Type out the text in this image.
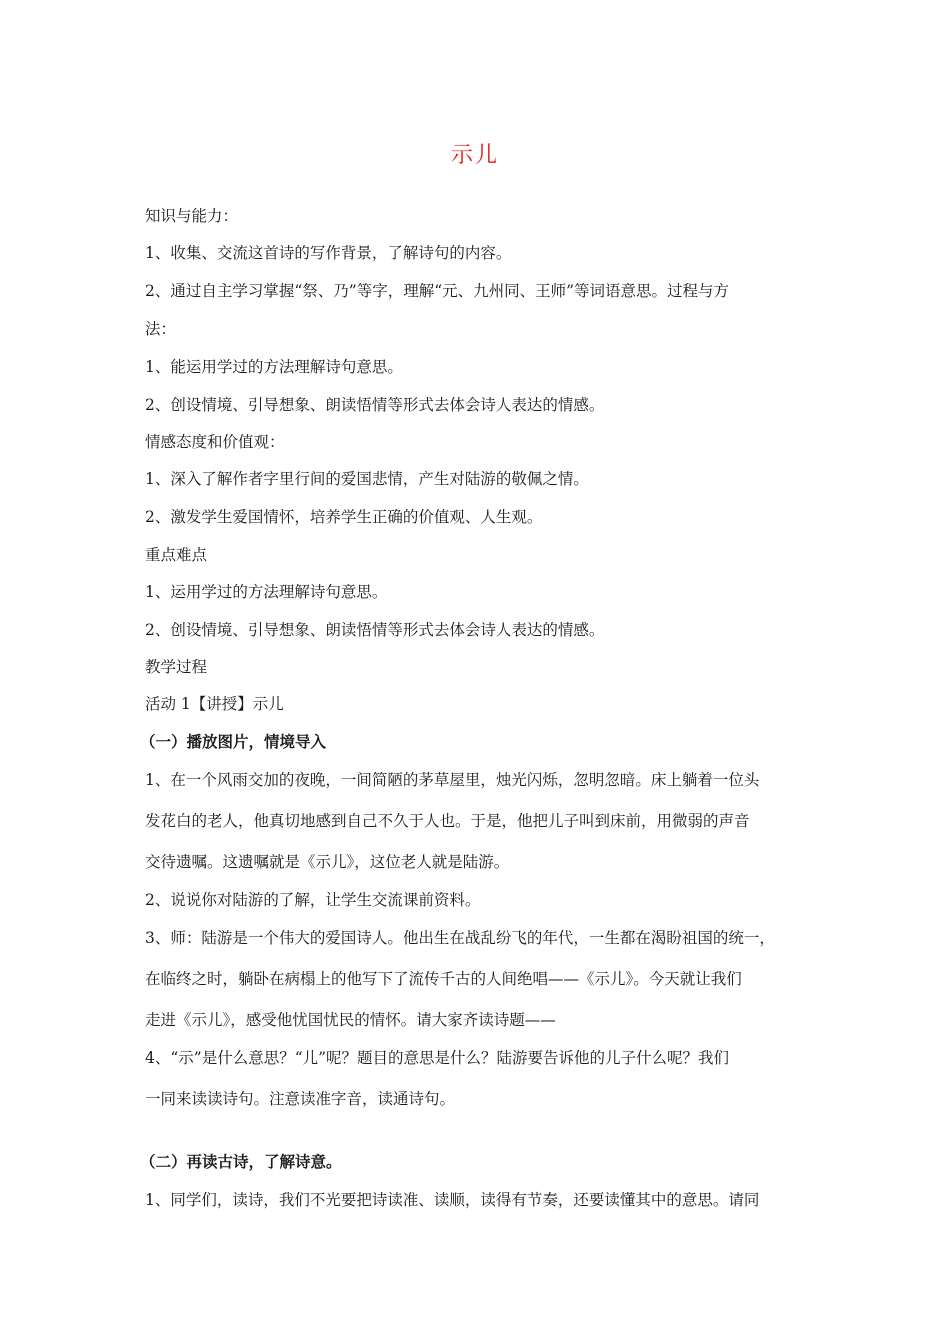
示儿
知识与能力：
1、收集、交流这首诗的写作背景，了解诗句的内容。
2、通过自主学习掌握“祭、乃”等字，理解“元、九州同、王师”等词语意思。过程与方
法：
1、能运用学过的方法理解诗句意思。
2、创设情境、引导想象、朗读悟情等形式去体会诗人表达的情感。
情感态度和价值观：
1、深入了解作者字里行间的爱国悲情，产生对陆游的敬佩之情。
2、激发学生爱国情怀，培养学生正确的价值观、人生观。
重点难点
1、运用学过的方法理解诗句意思。
2、创设情境、引导想象、朗读悟情等形式去体会诗人表达的情感。
教学过程
活动 1【讲授】示儿
（一）播放图片，情境导入
1、在一个风雨交加的夜晚，一间简陋的茅草屋里，烛光闪烁，忽明忽暗。床上躺着一位头
发花白的老人，他真切地感到自己不久于人也。于是，他把儿子叫到床前，用微弱的声音
交待遗嘱。这遗嘱就是《示儿》，这位老人就是陆游。
2、说说你对陆游的了解，让学生交流课前资料。
3、师：陆游是一个伟大的爱国诗人。他出生在战乱纷飞的年代，一生都在渴盼祖国的统一，
在临终之时，躺卧在病榻上的他写下了流传千古的人间绝唱——《示儿》。今天就让我们
走进《示儿》，感受他忧国忧民的情怀。请大家齐读诗题——
4、“示”是什么意思？“儿”呢？题目的意思是什么？陆游要告诉他的儿子什么呢？我们
一同来读读诗句。注意读准字音，读通诗句。
（二）再读古诗，了解诗意。
1、同学们，读诗，我们不光要把诗读准、读顺，读得有节奏，还要读懂其中的意思。请同
